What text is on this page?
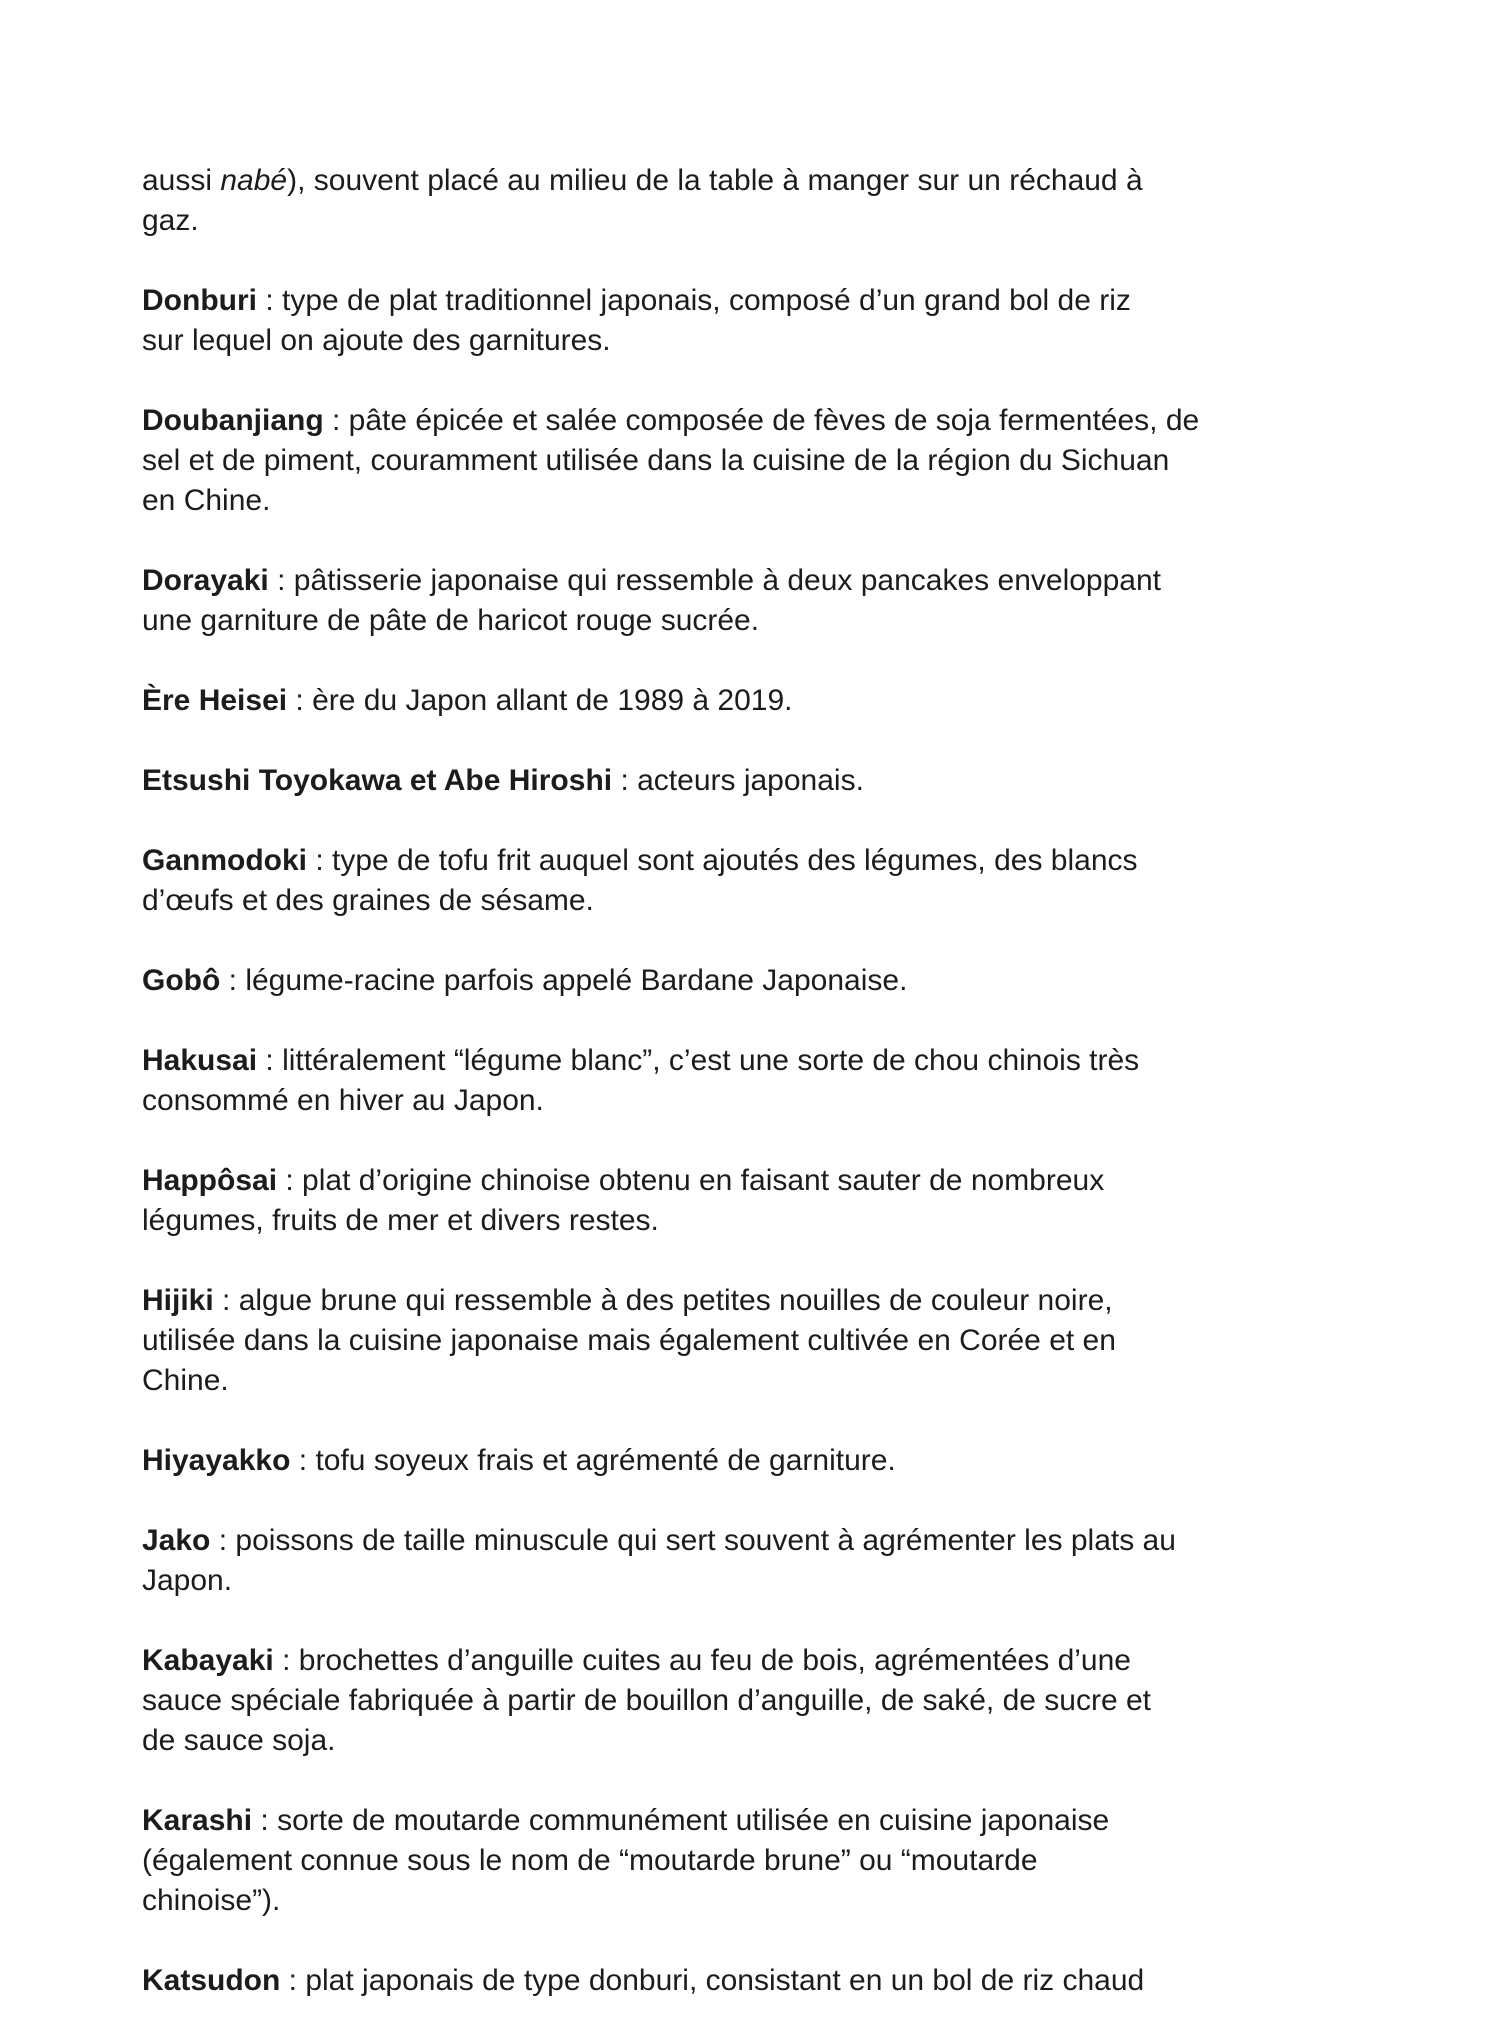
aussi nabé), souvent placé au milieu de la table à manger sur un réchaud à
gaz.

Donburi : type de plat traditionnel japonais, composé d’un grand bol de riz
sur lequel on ajoute des garnitures.

Doubanjiang : pâte épicée et salée composée de fèves de soja fermentées, de
sel et de piment, couramment utilisée dans la cuisine de la région du Sichuan
en Chine.

Dorayaki : pâtisserie japonaise qui ressemble à deux pancakes enveloppant
une garniture de pâte de haricot rouge sucrée.

Ère Heisei : ère du Japon allant de 1989 à 2019.

Etsushi Toyokawa et Abe Hiroshi : acteurs japonais.

Ganmodoki : type de tofu frit auquel sont ajoutés des légumes, des blancs
d’œufs et des graines de sésame.

Gobô : légume-racine parfois appelé Bardane Japonaise.

Hakusai : littéralement “légume blanc”, c’est une sorte de chou chinois très
consommé en hiver au Japon.

Happôsai : plat d’origine chinoise obtenu en faisant sauter de nombreux
légumes, fruits de mer et divers restes.

Hijiki : algue brune qui ressemble à des petites nouilles de couleur noire,
utilisée dans la cuisine japonaise mais également cultivée en Corée et en
Chine.

Hiyayakko : tofu soyeux frais et agrémenté de garniture.

Jako : poissons de taille minuscule qui sert souvent à agrémenter les plats au
Japon.

Kabayaki : brochettes d’anguille cuites au feu de bois, agrémentées d’une
sauce spéciale fabriquée à partir de bouillon d’anguille, de saké, de sucre et
de sauce soja.

Karashi : sorte de moutarde communément utilisée en cuisine japonaise
(également connue sous le nom de “moutarde brune” ou “moutarde
chinoise”).

Katsudon : plat japonais de type donburi, consistant en un bol de riz chaud
